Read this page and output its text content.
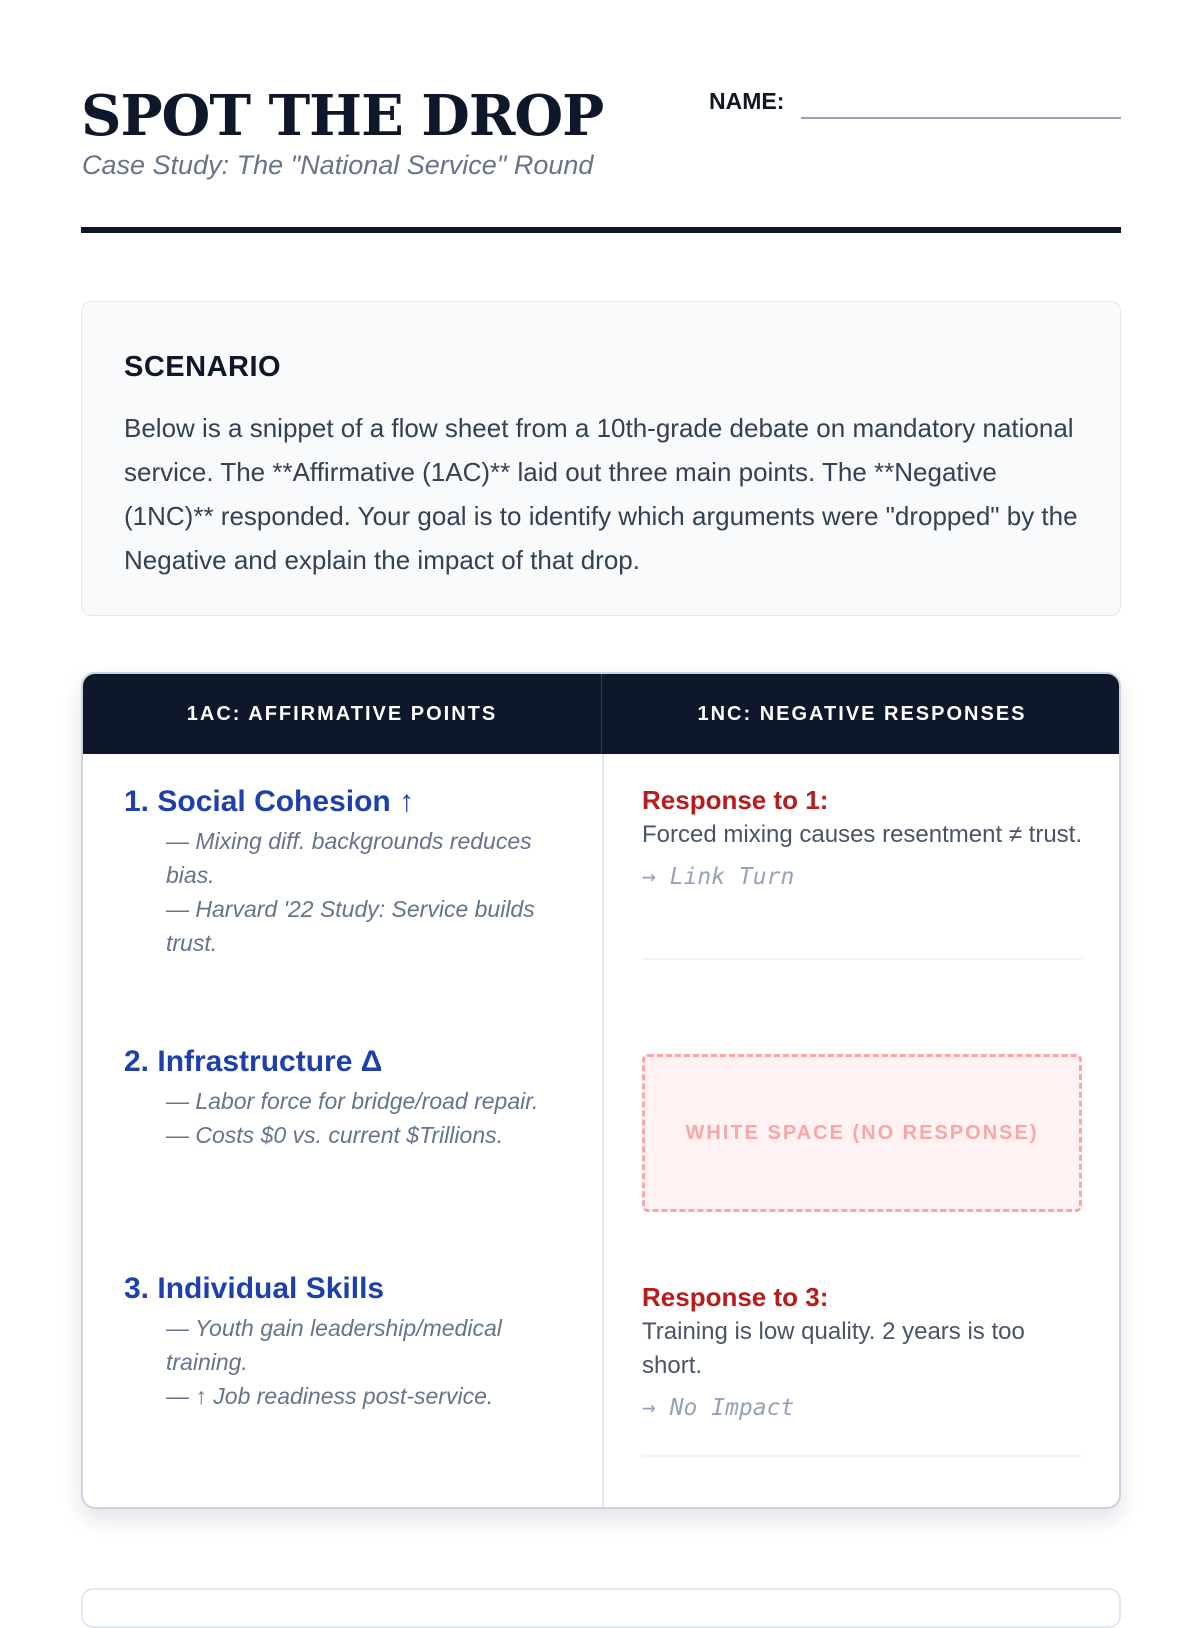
SPOT THE DROP
Case Study: The "National Service" Round
NAME:
SCENARIO

Below is a snippet of a flow sheet from a 10th-grade debate on mandatory national service. The **Affirmative (1AC)** laid out three main points. The **Negative (1NC)** responded. Your goal is to identify which arguments were "dropped" by the Negative and explain the impact of that drop.

1AC: AFFIRMATIVE POINTS	1NC: NEGATIVE RESPONSES
1. Social Cohesion ↑
— Mixing diff. backgrounds reduces bias.
— Harvard '22 Study: Service builds trust.
2. Infrastructure Δ
— Labor force for bridge/road repair.
— Costs $0 vs. current $Trillions.
3. Individual Skills
— Youth gain leadership/medical training.
— ↑ Job readiness post-service.
Response to 1:
Forced mixing causes resentment ≠ trust.
→ Link Turn
WHITE SPACE (NO RESPONSE)
Response to 3:
Training is low quality. 2 years is too short.
→ No Impact
